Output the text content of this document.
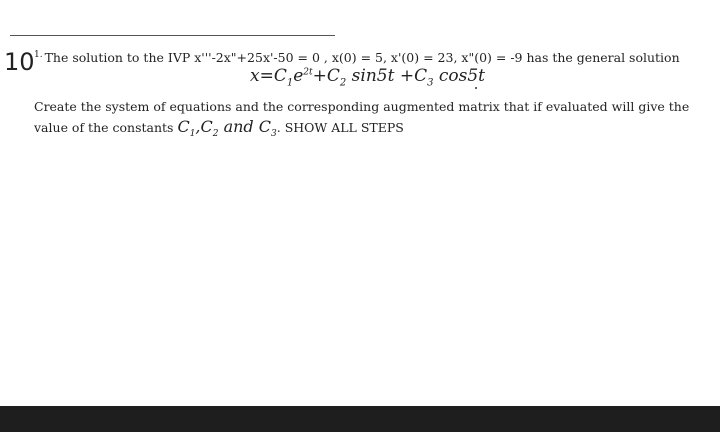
10 $^{1.}$ The solution to the IVP x'''-2x"+25x'-50 = 0 , x(0) = 5, x'(0) = 23, x"(0) = -9 has the general solution
$x=C_1e^{2t}+C_2$ $\sin 5t +C_3$ cos5t
Create the system of equations and the corresponding augmented matrix that if evaluated will give the value of the constants $C_1,C_2$ and $C_3$. SHOW ALL STEPS
